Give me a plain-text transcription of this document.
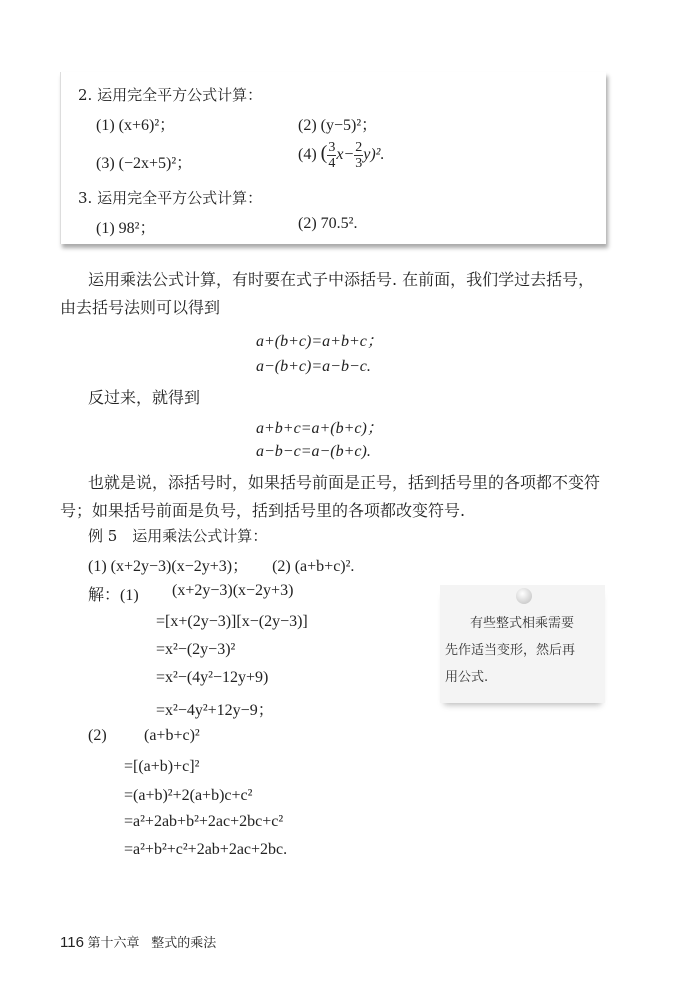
2. 运用完全平方公式计算：
(1) (x+6)²；	(2) (y−5)²；
(3) (−2x+5)²；
(4) ( $\frac{3}{4} x- \frac{2}{3} y)^2$.
3. 运用完全平方公式计算：
(1) 98²；	(2) 70.5².
运用乘法公式计算，有时要在式子中添括号. 在前面，我们学过去括号，
由去括号法则可以得到
a+(b+c)=a+b+c；
a−(b+c)=a−b−c.
反过来，就得到
a+b+c=a+(b+c)；
a−b−c=a−(b+c).
也就是说，添括号时，如果括号前面是正号，括到括号里的各项都不变符
号；如果括号前面是负号，括到括号里的各项都改变符号.
例 5　运用乘法公式计算：
(1) (x+2y−3)(x−2y+3)；　　(2) (a+b+c)².
解：(1) (x+2y−3)(x−2y+3)
=[x+(2y−3)][x−(2y−3)]
=x²−(2y−3)²
=x²−(4y²−12y+9)
=x²−4y²+12y−9；
(2) (a+b+c)²
=[(a+b)+c]²
=(a+b)²+2(a+b)c+c²
=a²+2ab+b²+2ac+2bc+c²
=a²+b²+c²+2ab+2ac+2bc.
有些整式相乘需要
先作适当变形，然后再
用公式.
116 第十六章 整式的乘法
